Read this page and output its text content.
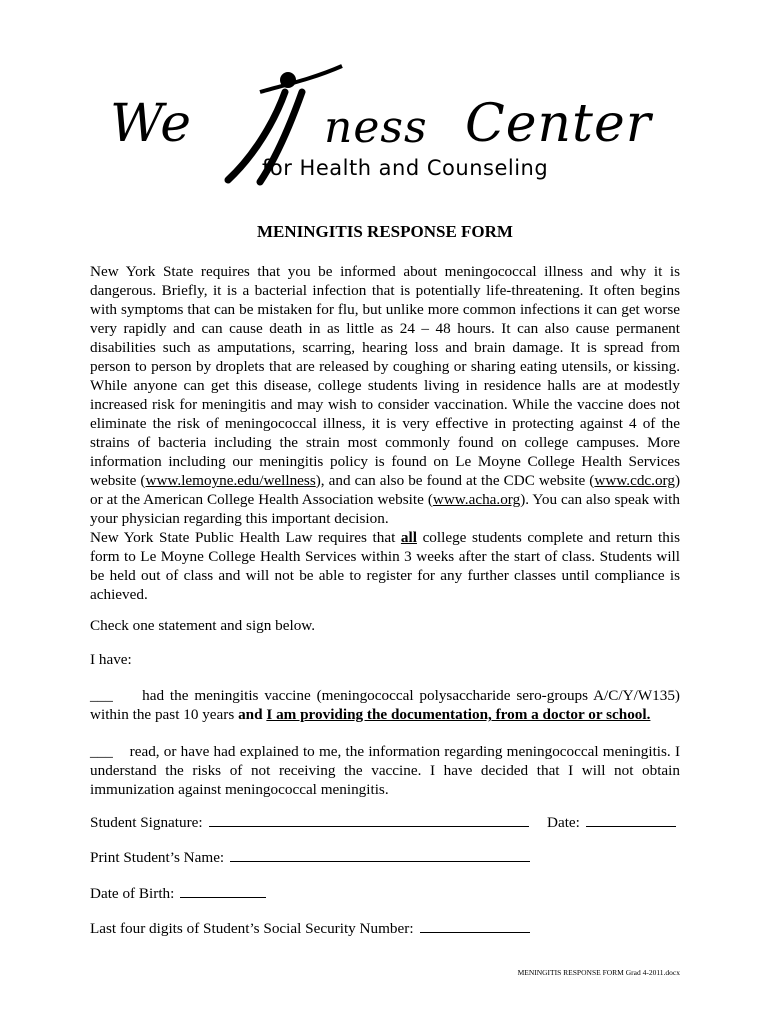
We	ness Center
for Health and Counseling
MENINGITIS RESPONSE FORM
New York State requires that you be informed about meningococcal illness and why it is dangerous. Briefly, it is a bacterial infection that is potentially life-threatening. It often begins with symptoms that can be mistaken for flu, but unlike more common infections it can get worse very rapidly and can cause death in as little as 24 – 48 hours. It can also cause permanent disabilities such as amputations, scarring, hearing loss and brain damage. It is spread from person to person by droplets that are released by coughing or sharing eating utensils, or kissing. While anyone can get this disease, college students living in residence halls are at modestly increased risk for meningitis and may wish to consider vaccination. While the vaccine does not eliminate the risk of meningococcal illness, it is very effective in protecting against 4 of the strains of bacteria including the strain most commonly found on college campuses. More information including our meningitis policy is found on Le Moyne College Health Services website (www.lemoyne.edu/wellness), and can also be found at the CDC website (www.cdc.org) or at the American College Health Association website (www.acha.org). You can also speak with your physician regarding this important decision.
New York State Public Health Law requires that all college students complete and return this form to Le Moyne College Health Services within 3 weeks after the start of class. Students will be held out of class and will not be able to register for any further classes until compliance is achieved.
Check one statement and sign below.
I have:
___     had the meningitis vaccine (meningococcal polysaccharide sero-groups A/C/Y/W135) within the past 10 years and I am providing the documentation, from a doctor or school.
___    read, or have had explained to me, the information regarding meningococcal meningitis. I understand the risks of not receiving the vaccine. I have decided that I will not obtain immunization against meningococcal meningitis.
Student Signature:	Date:
Print Student’s Name:
Date of Birth:
Last four digits of Student’s Social Security Number:
MENINGITIS RESPONSE FORM Grad 4-2011.docx
